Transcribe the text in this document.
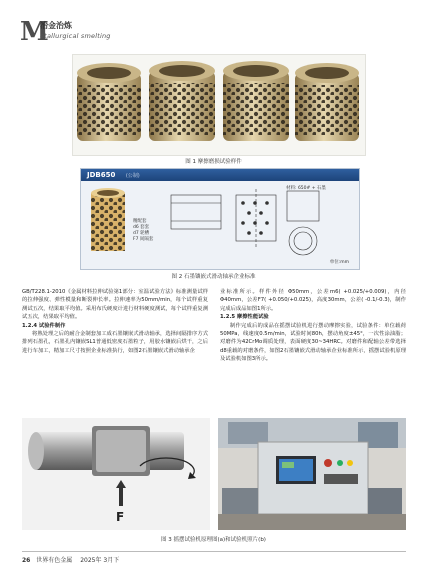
M
冶金治炼
etallurgical smelting
图 1 摩擦磨损试验样件
JDB650 (公制)
精配套
d6 套套
d7 轮槽
F7 间隔套
材料: 650# + 石墨
单位:mm
图 2 石墨镶嵌式滑动轴承企业标准
GB/T228.1-2010《金属材料拉伸试验第1部分：室温试验方法》标准测量试样的拉伸强度、弹性模量和断裂伸长率。拉伸速率为50mm/min，每个试样重复测试五次，结果取平均值。采用布氏硬度计进行材料硬度测试，每个试样重复测试五次，结果取平均值。
1.2.4 试验件制作
将熟处理之后的耐合金制套加工成石墨镶嵌式滑动轴承，选择间隔排序方式排列石墨孔，石墨孔内镶嵌SL1普通低密度石墨粒子，用胶水镶嵌后烘干，之后进行车加工，精加工尺寸按照企业标准执行，如图2石墨镶嵌式滑动轴承企
业标准所示。样件外径 Φ50mm，公差m6( +0.025/+0.009)，内径 Φ40mm，公差F7( +0.050/+0.025)，高度30mm，公差( -0.1/-0.3)，制作完成后成品如图1所示。
1.2.5 摩擦性能试验
制作完成后的成品在摇摆试验机进行摆动摩擦实验，试验条件：单位载荷50MPa，线速度0.5m/min，试验时间80h，摆动角度±45°，一次性涂油脂；对磨件为42CrMo调质处理，表面硬度30~34HRC。对磨件和配轴公差带选择d8重载的对磨条件，如图2石墨镶嵌式滑动轴承企业标准所示，摇摆试验机原理及试验机如图3所示。
F
图 3 摇摆试验机原理图(a)和试验机照片(b)
26 世界有色金属 2025年 3月下
